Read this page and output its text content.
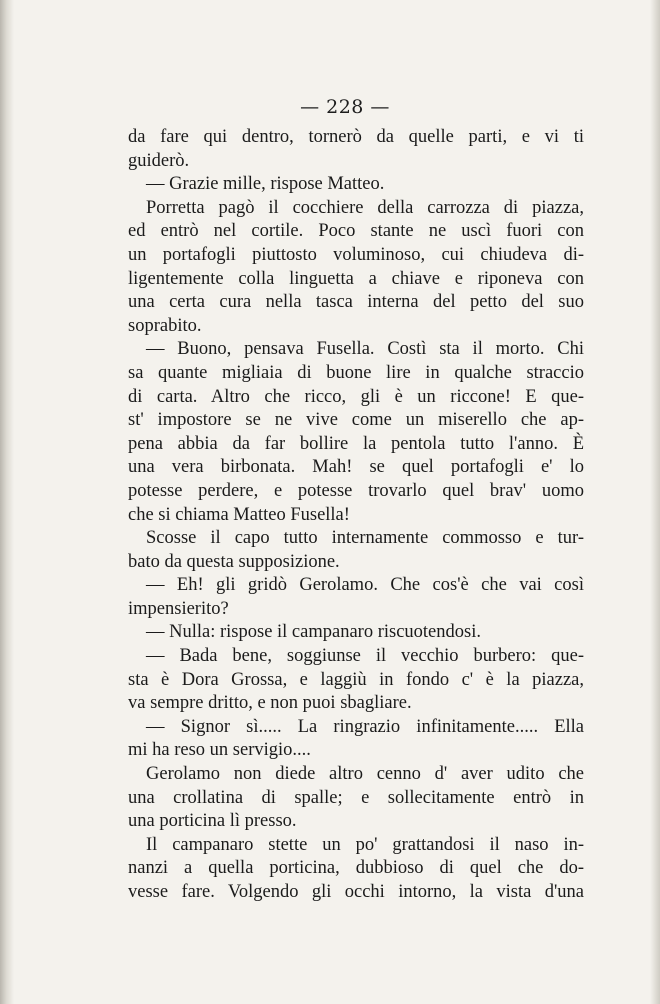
— 228 —
da fare qui dentro, tornerò da quelle parti, e vi ti
guiderò.
— Grazie mille, rispose Matteo.
Porretta pagò il cocchiere della carrozza di piazza,
ed entrò nel cortile. Poco stante ne uscì fuori con
un portafogli piuttosto voluminoso, cui chiudeva di-
ligentemente colla linguetta a chiave e riponeva con
una certa cura nella tasca interna del petto del suo
soprabito.
— Buono, pensava Fusella. Costì sta il morto. Chi
sa quante migliaia di buone lire in qualche straccio
di carta. Altro che ricco, gli è un riccone! E que-
st' impostore se ne vive come un miserello che ap-
pena abbia da far bollire la pentola tutto l'anno. È
una vera birbonata. Mah! se quel portafogli e' lo
potesse perdere, e potesse trovarlo quel brav' uomo
che si chiama Matteo Fusella!
Scosse il capo tutto internamente commosso e tur-
bato da questa supposizione.
— Eh! gli gridò Gerolamo. Che cos'è che vai così
impensierito?
— Nulla: rispose il campanaro riscuotendosi.
— Bada bene, soggiunse il vecchio burbero: que-
sta è Dora Grossa, e laggiù in fondo c' è la piazza,
va sempre dritto, e non puoi sbagliare.
— Signor sì..... La ringrazio infinitamente..... Ella
mi ha reso un servigio....
Gerolamo non diede altro cenno d' aver udito che
una crollatina di spalle; e sollecitamente entrò in
una porticina lì presso.
Il campanaro stette un po' grattandosi il naso in-
nanzi a quella porticina, dubbioso di quel che do-
vesse fare. Volgendo gli occhi intorno, la vista d'una
